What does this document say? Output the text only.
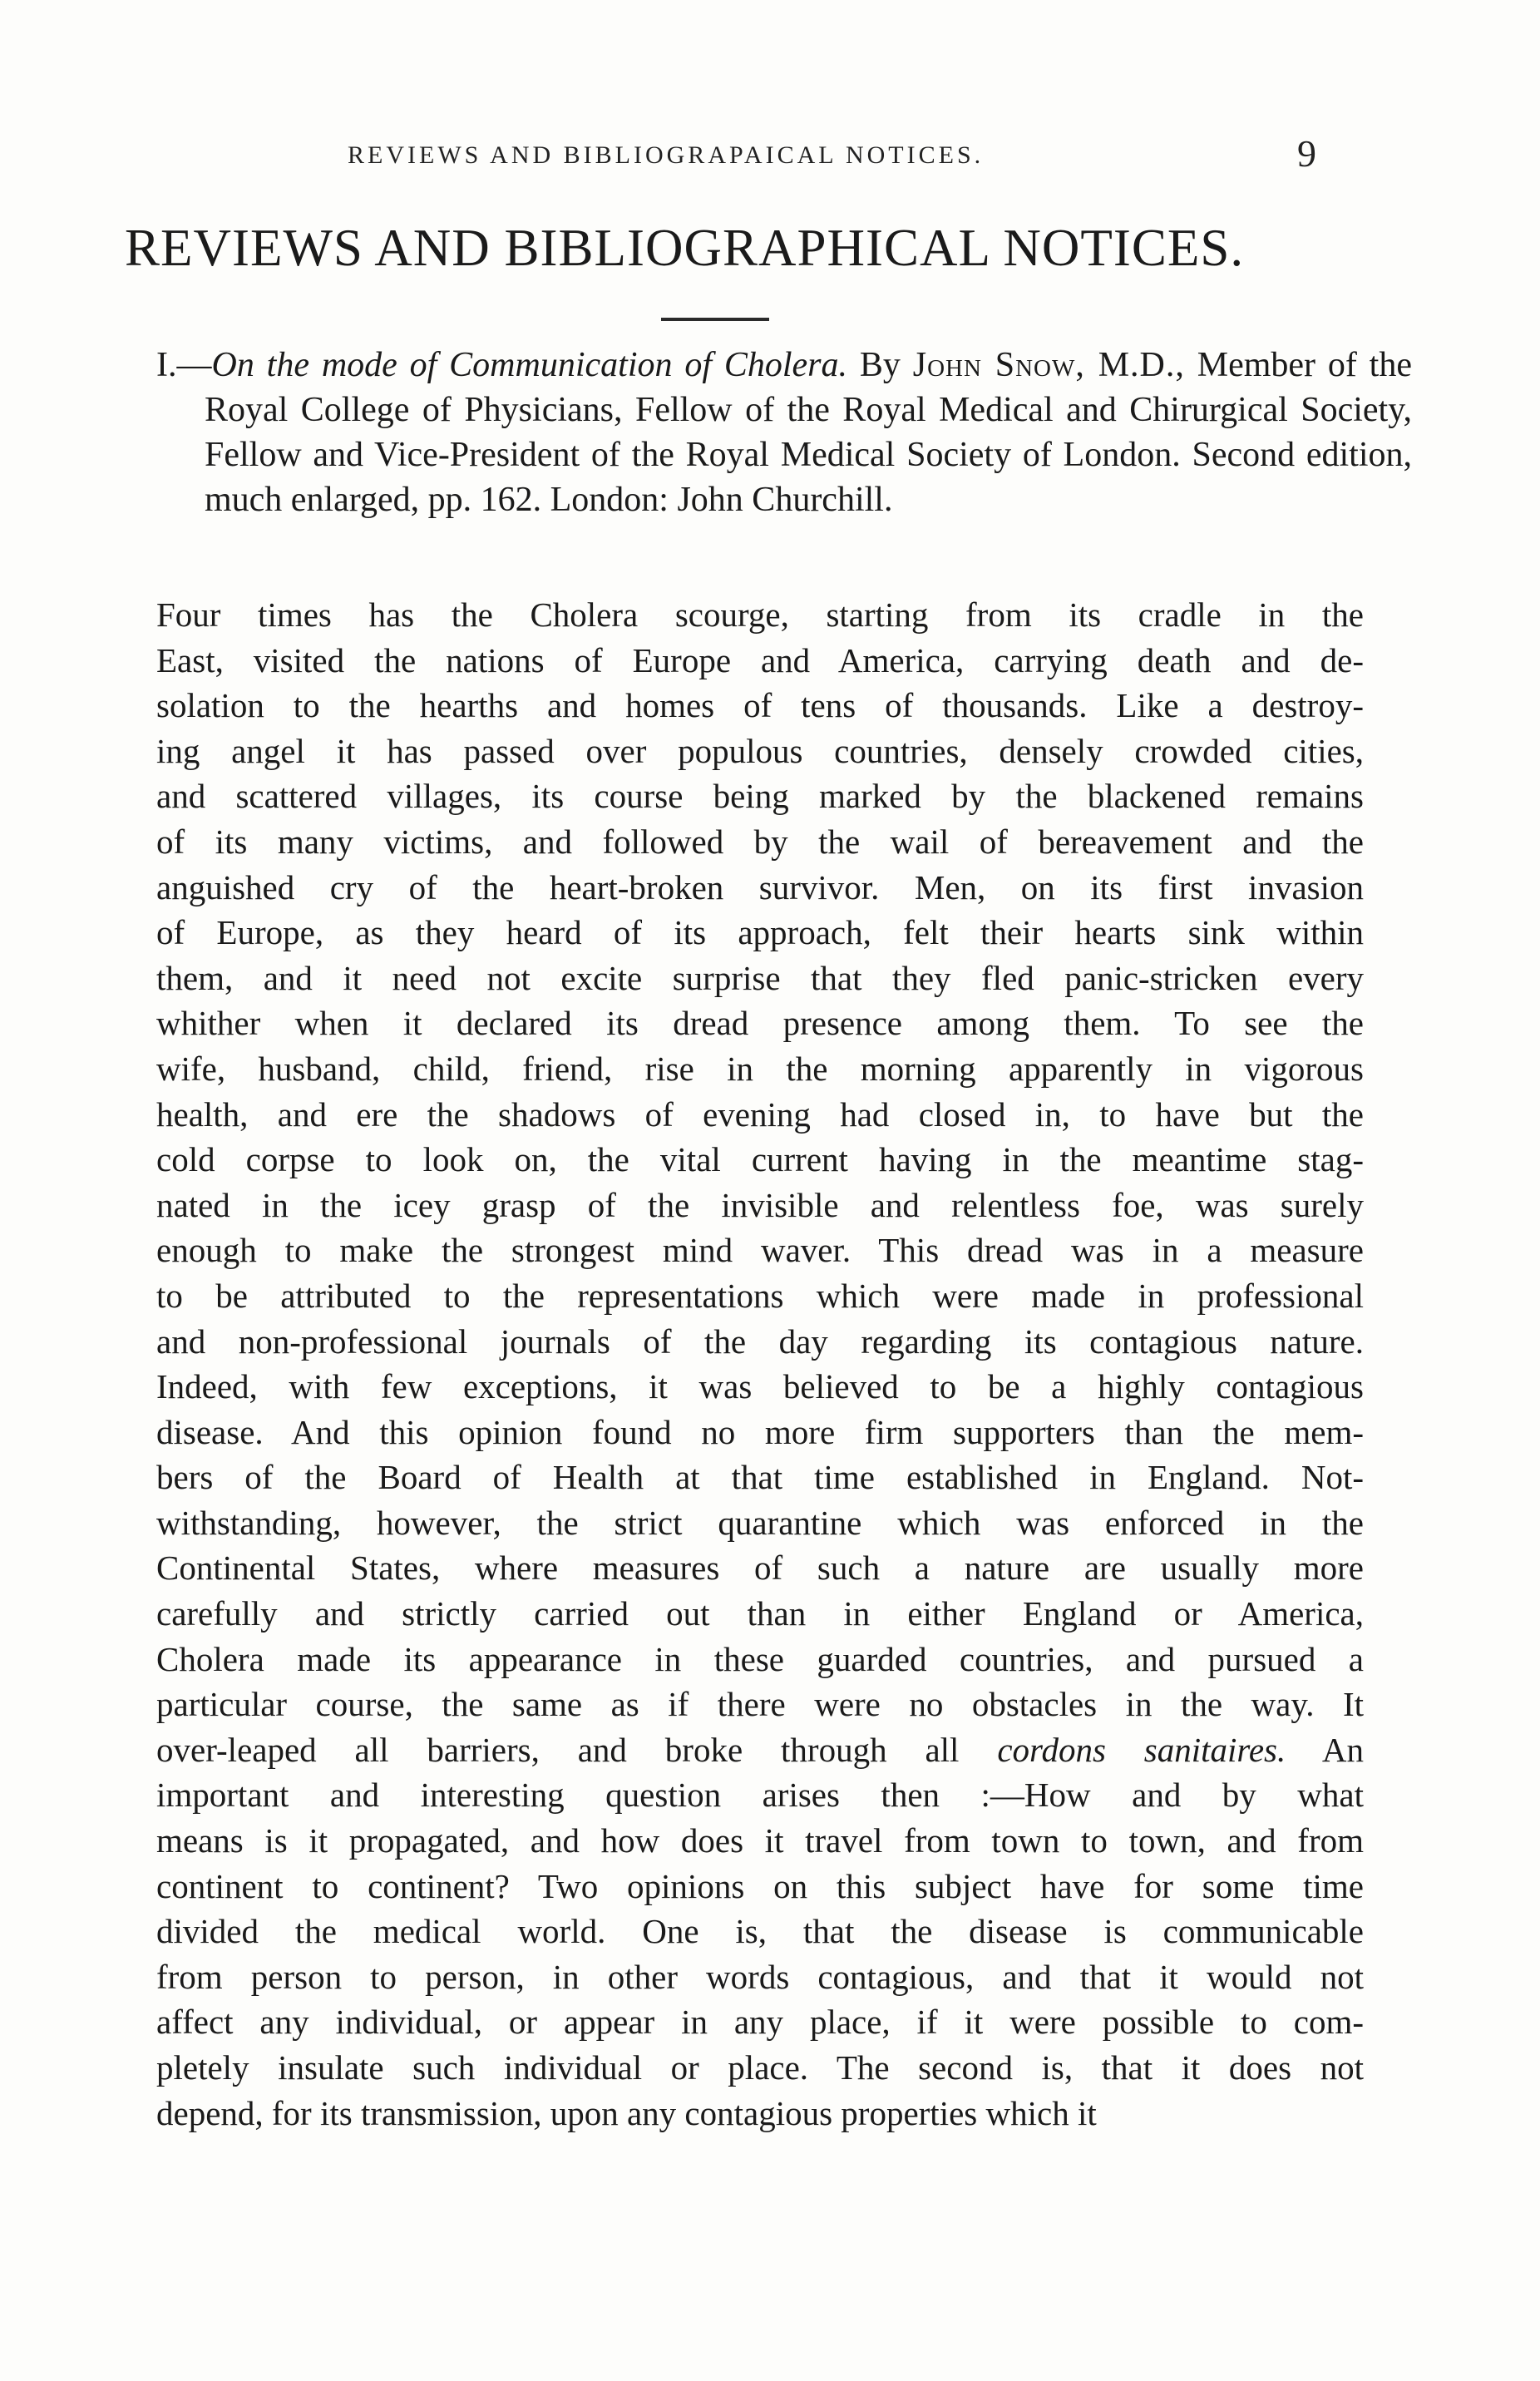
REVIEWS AND BIBLIOGRAPAICAL NOTICES.	9
REVIEWS AND BIBLIOGRAPHICAL NOTICES.
I.—On the mode of Communication of Cholera. By John Snow, M.D., Member of the Royal College of Physicians, Fellow of the Royal Medical and Chirurgical Society, Fellow and Vice-President of the Royal Medical Society of London. Second edition, much enlarged, pp. 162. London: John Churchill.
Four times has the Cholera scourge, starting from its cradle in the
East, visited the nations of Europe and America, carrying death and de-
solation to the hearths and homes of tens of thousands. Like a destroy-
ing angel it has passed over populous countries, densely crowded cities,
and scattered villages, its course being marked by the blackened remains
of its many victims, and followed by the wail of bereavement and the
anguished cry of the heart-broken survivor. Men, on its first invasion
of Europe, as they heard of its approach, felt their hearts sink within
them, and it need not excite surprise that they fled panic-stricken every
whither when it declared its dread presence among them. To see the
wife, husband, child, friend, rise in the morning apparently in vigorous
health, and ere the shadows of evening had closed in, to have but the
cold corpse to look on, the vital current having in the meantime stag-
nated in the icey grasp of the invisible and relentless foe, was surely
enough to make the strongest mind waver. This dread was in a measure
to be attributed to the representations which were made in professional
and non-professional journals of the day regarding its contagious nature.
Indeed, with few exceptions, it was believed to be a highly contagious
disease. And this opinion found no more firm supporters than the mem-
bers of the Board of Health at that time established in England. Not-
withstanding, however, the strict quarantine which was enforced in the
Continental States, where measures of such a nature are usually more
carefully and strictly carried out than in either England or America,
Cholera made its appearance in these guarded countries, and pursued a
particular course, the same as if there were no obstacles in the way. It
over-leaped all barriers, and broke through all cordons sanitaires. An
important and interesting question arises then :—How and by what
means is it propagated, and how does it travel from town to town, and from
continent to continent? Two opinions on this subject have for some time
divided the medical world. One is, that the disease is communicable
from person to person, in other words contagious, and that it would not
affect any individual, or appear in any place, if it were possible to com-
pletely insulate such individual or place. The second is, that it does not
depend, for its transmission, upon any contagious properties which it
